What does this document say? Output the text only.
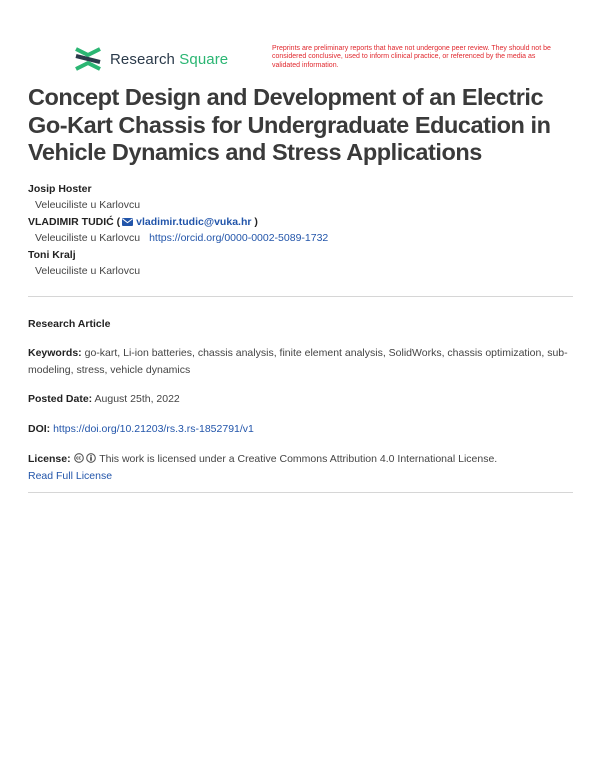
Research Square
Preprints are preliminary reports that have not undergone peer review. They should not be considered conclusive, used to inform clinical practice, or referenced by the media as validated information.
Concept Design and Development of an Electric Go-Kart Chassis for Undergraduate Education in Vehicle Dynamics and Stress Applications
Josip Hoster
Veleuciliste u Karlovcu
VLADIMIR TUDIĆ ( vladimir.tudic@vuka.hr )
Veleuciliste u Karlovcu https://orcid.org/0000-0002-5089-1732
Toni Kralj
Veleuciliste u Karlovcu
Research Article
Keywords: go-kart, Li-ion batteries, chassis analysis, finite element analysis, SolidWorks, chassis optimization, sub-modeling, stress, vehicle dynamics
Posted Date: August 25th, 2022
DOI: https://doi.org/10.21203/rs.3.rs-1852791/v1
License:	This work is licensed under a Creative Commons Attribution 4.0 International License.
Read Full License
